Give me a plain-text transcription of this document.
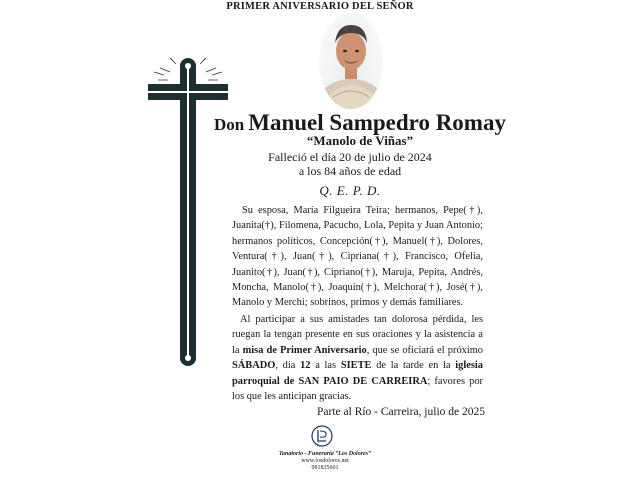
PRIMER ANIVERSARIO DEL SEÑOR
Don Manuel Sampedro Romay
“Manolo de Viñas”
Falleció el día 20 de julio de 2024
a los 84 años de edad
Q. E. P. D.

Su esposa, María Filgueira Teira; hermanos, Pepe(†), Juanita(†), Filomena, Pacucho, Lola, Pepita y Juan Antonio; hermanos políticos, Concepción(†), Manuel(†), Dolores, Ventura(†), Juan(†), Cipriana(†), Francisco, Ofelia, Juanito(†), Juan(†), Cipriano(†), Maruja, Pepita, Andrés, Moncha, Manolo(†), Joaquín(†), Melchora(†), José(†), Manolo y Merchi; sobrinos, primos y demás familiares.

Al participar a sus amistades tan dolorosa pérdida, les ruegan la tengan presente en sus oraciones y la asistencia a la misa de Primer Aniversario, que se oficiará el próximo SÁBADO, día 12 a las SIETE de la tarde en la iglesia parroquial de SAN PAIO DE CARREIRA; favores por los que les anticipan gracias.
Parte al Río - Carreira, julio de 2025
Tanatorio - Funeraria “Los Dolores”
www.losdolores.net
981835601
